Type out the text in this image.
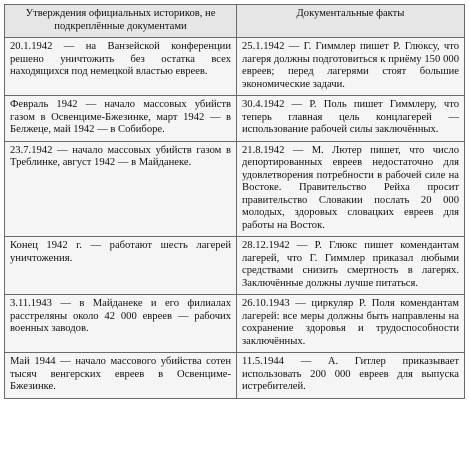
Утверждения официальных историков, не подкреплённые документами	Документальные факты

20.1.1942 — на Ванзейской конференции решено уничтожить без остатка всех находящихся под немецкой властью евреев.	25.1.1942 — Г. Гиммлер пишет Р. Глюксу, что лагеря должны подготовиться к приёму 150 000 евреев; перед лагерями стоят большие экономические задачи.

Февраль 1942 — начало массовых убийств газом в Освенциме-Бжезинке, март 1942 — в Белжеце, май 1942 — в Собиборе.	30.4.1942 — Р. Поль пишет Гиммлеру, что теперь главная цель концлагерей — использование рабочей силы заключённых.

23.7.1942 — начало массовых убийств газом в Треблинке, август 1942 — в Майданеке.	21.8.1942 — М. Лютер пишет, что число депортированных евреев недостаточно для удовлетворения потребности в рабочей силе на Востоке. Правительство Рейха просит правительство Словакии послать 20 000 молодых, здоровых словацких евреев для работы на Восток.

Конец 1942 г. — работают шесть лагерей уничтожения.	28.12.1942 — Р. Глюкс пишет комендантам лагерей, что Г. Гиммлер приказал любыми средствами снизить смертность в лагерях. Заключённые должны лучше питаться.

3.11.1943 — в Майданеке и его филиалах расстреляны около 42 000 евреев — рабочих военных заводов.	26.10.1943 — циркуляр Р. Поля комендантам лагерей: все меры должны быть направлены на сохранение здоровья и трудоспособности заключённых.

Май 1944 — начало массового убийства сотен тысяч венгерских евреев в Освенциме-Бжезинке.	11.5.1944 — А. Гитлер приказывает использовать 200 000 евреев для выпуска истребителей.
